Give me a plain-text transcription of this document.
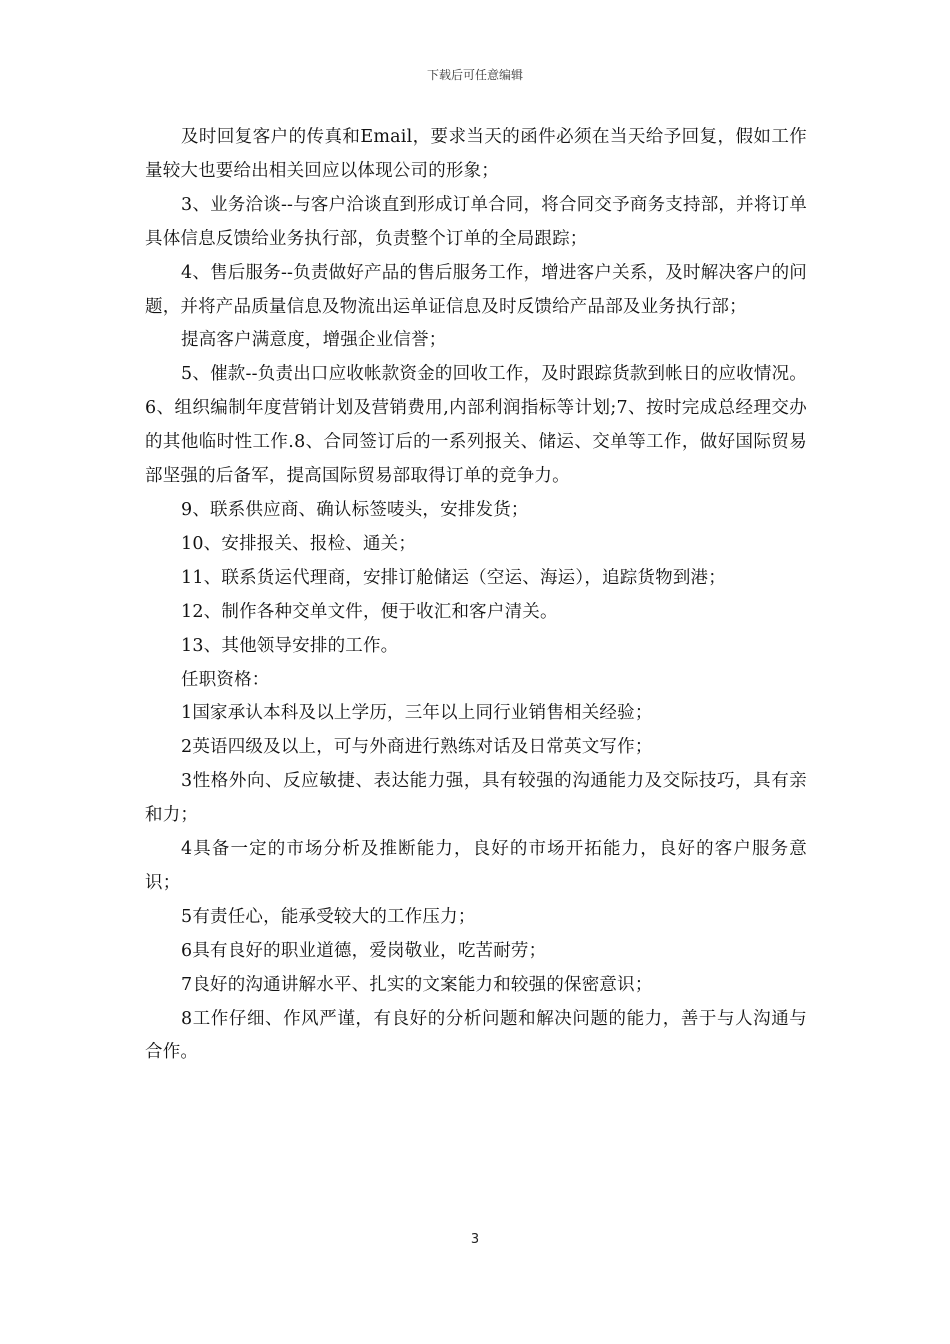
下载后可任意编辑

及时回复客户的传真和Email，要求当天的函件必须在当天给予回复，假如工作量较大也要给出相关回应以体现公司的形象；

3、业务洽谈--与客户洽谈直到形成订单合同，将合同交予商务支持部，并将订单具体信息反馈给业务执行部，负责整个订单的全局跟踪；

4、售后服务--负责做好产品的售后服务工作，增进客户关系，及时解决客户的问题，并将产品质量信息及物流出运单证信息及时反馈给产品部及业务执行部；

提高客户满意度，增强企业信誉；

5、催款--负责出口应收帐款资金的回收工作，及时跟踪货款到帐日的应收情况。6、组织编制年度营销计划及营销费用,内部利润指标等计划;7、按时完成总经理交办的其他临时性工作.8、合同签订后的一系列报关、储运、交单等工作，做好国际贸易部坚强的后备军，提高国际贸易部取得订单的竞争力。

9、联系供应商、确认标签唛头，安排发货；

10、安排报关、报检、通关；

11、联系货运代理商，安排订舱储运（空运、海运），追踪货物到港；

12、制作各种交单文件，便于收汇和客户清关。

13、其他领导安排的工作。

任职资格：

1国家承认本科及以上学历，三年以上同行业销售相关经验；

2英语四级及以上，可与外商进行熟练对话及日常英文写作；

3性格外向、反应敏捷、表达能力强，具有较强的沟通能力及交际技巧，具有亲和力；

4具备一定的市场分析及推断能力，良好的市场开拓能力，良好的客户服务意识；

5有责任心，能承受较大的工作压力；

6具有良好的职业道德，爱岗敬业，吃苦耐劳；

7良好的沟通讲解水平、扎实的文案能力和较强的保密意识；

8工作仔细、作风严谨，有良好的分析问题和解决问题的能力，善于与人沟通与合作。

3
